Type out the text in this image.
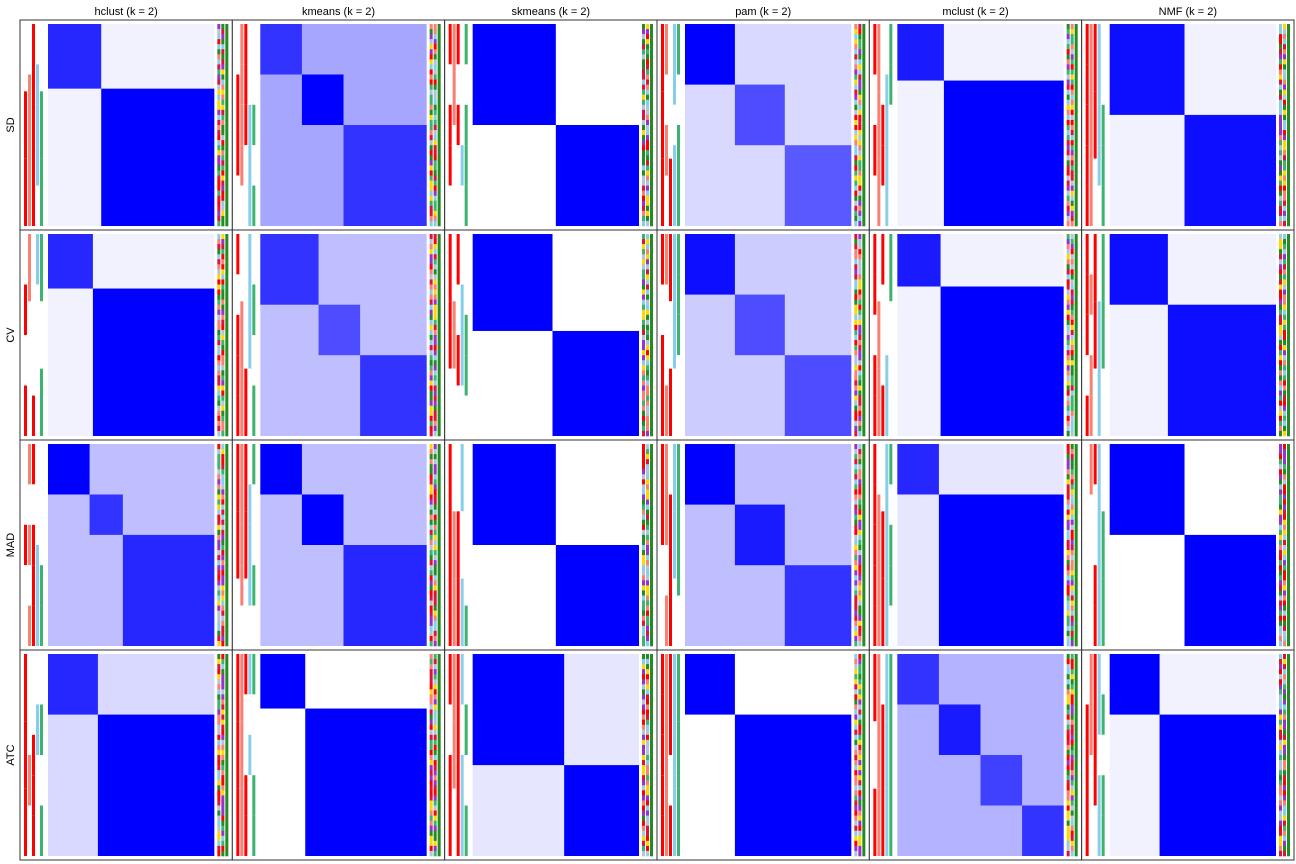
hclust (k = 2)	kmeans (k = 2)	skmeans (k = 2)	pam (k = 2)	mclust (k = 2)	NMF (k = 2)
SD
CV
MAD
ATC
